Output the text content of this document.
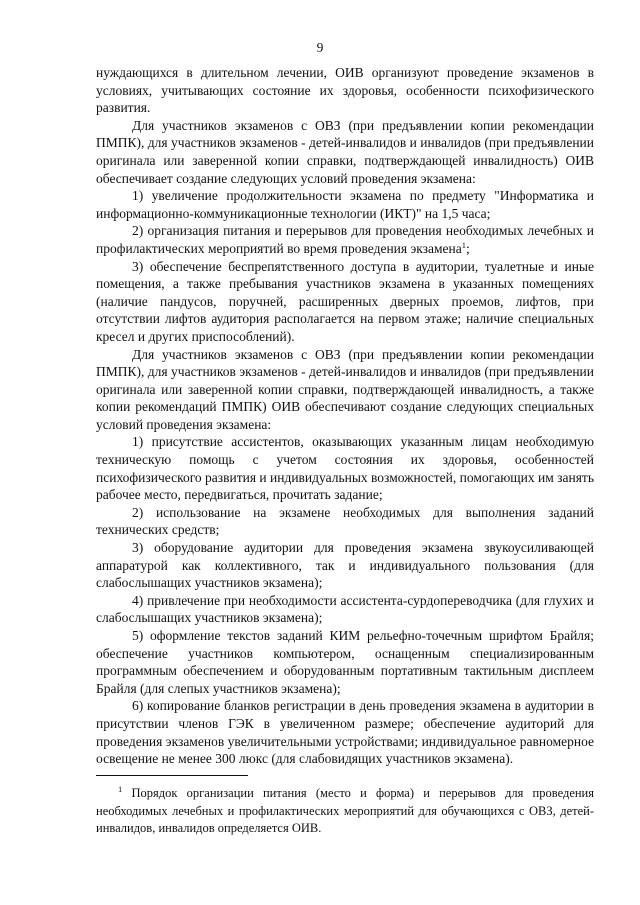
9

нуждающихся в длительном лечении, ОИВ организуют проведение экзаменов в условиях, учитывающих состояние их здоровья, особенности психофизического развития.

Для участников экзаменов с ОВЗ (при предъявлении копии рекомендации ПМПК), для участников экзаменов - детей-инвалидов и инвалидов (при предъявлении оригинала или заверенной копии справки, подтверждающей инвалидность) ОИВ обеспечивает создание следующих условий проведения экзамена:

1) увеличение продолжительности экзамена по предмету "Информатика и информационно-коммуникационные технологии (ИКТ)" на 1,5 часа;

2) организация питания и перерывов для проведения необходимых лечебных и профилактических мероприятий во время проведения экзамена$^1$;

3) обеспечение беспрепятственного доступа в аудитории, туалетные и иные помещения, а также пребывания участников экзамена в указанных помещениях (наличие пандусов, поручней, расширенных дверных проемов, лифтов, при отсутствии лифтов аудитория располагается на первом этаже; наличие специальных кресел и других приспособлений).

Для участников экзаменов с ОВЗ (при предъявлении копии рекомендации ПМПК), для участников экзаменов - детей-инвалидов и инвалидов (при предъявлении оригинала или заверенной копии справки, подтверждающей инвалидность, а также копии рекомендаций ПМПК) ОИВ обеспечивают создание следующих специальных условий проведения экзамена:

1) присутствие ассистентов, оказывающих указанным лицам необходимую техническую помощь с учетом состояния их здоровья, особенностей психофизического развития и индивидуальных возможностей, помогающих им занять рабочее место, передвигаться, прочитать задание;

2) использование на экзамене необходимых для выполнения заданий технических средств;

3) оборудование аудитории для проведения экзамена звукоусиливающей аппаратурой как коллективного, так и индивидуального пользования (для слабослышащих участников экзамена);

4) привлечение при необходимости ассистента-сурдопереводчика (для глухих и слабослышащих участников экзамена);

5) оформление текстов заданий КИМ рельефно-точечным шрифтом Брайля; обеспечение участников компьютером, оснащенным специализированным программным обеспечением и оборудованным портативным тактильным дисплеем Брайля (для слепых участников экзамена);

6) копирование бланков регистрации в день проведения экзамена в аудитории в присутствии членов ГЭК в увеличенном размере; обеспечение аудиторий для проведения экзаменов увеличительными устройствами; индивидуальное равномерное освещение не менее 300 люкс (для слабовидящих участников экзамена).

$^1$ Порядок организации питания (место и форма) и перерывов для проведения необходимых лечебных и профилактических мероприятий для обучающихся с ОВЗ, детей-инвалидов, инвалидов определяется ОИВ.
